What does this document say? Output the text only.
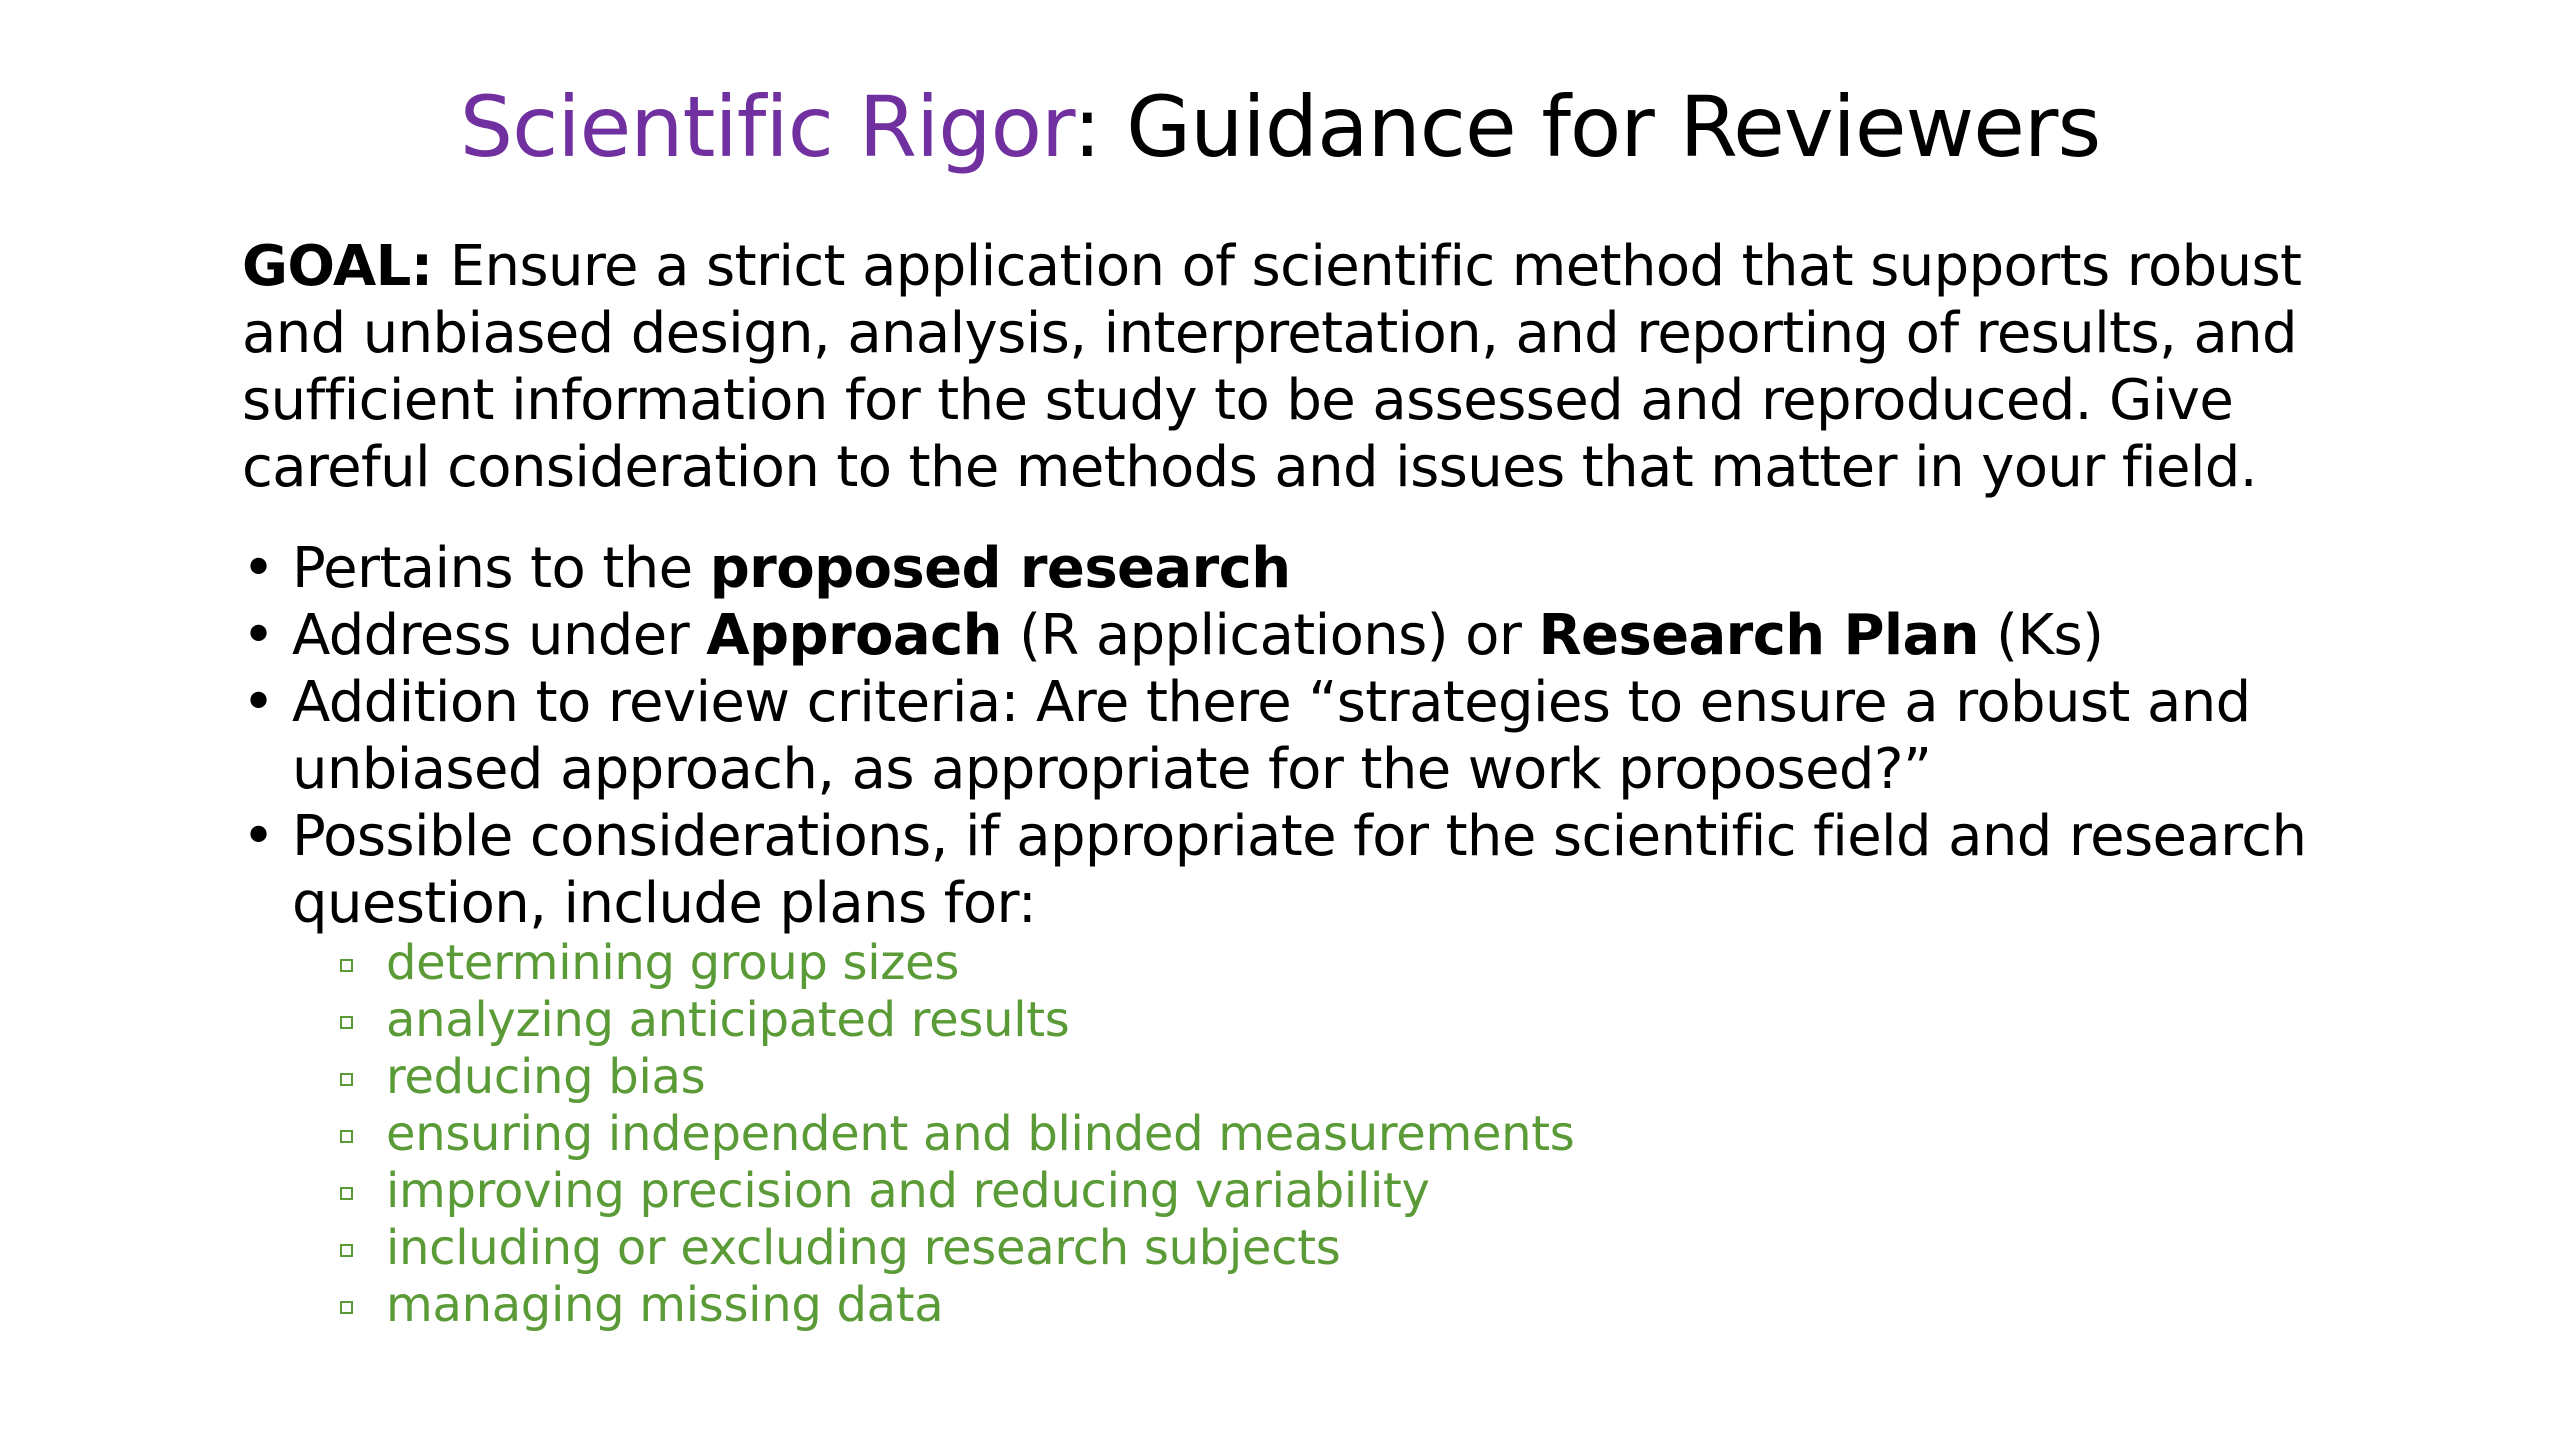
Scientific Rigor: Guidance for Reviewers
GOAL: Ensure a strict application of scientific method that supports robust and unbiased design, analysis, interpretation, and reporting of results, and sufficient information for the study to be assessed and reproduced. Give careful consideration to the methods and issues that matter in your field.
• Pertains to the proposed research
• Address under Approach (R applications) or Research Plan (Ks)
• Addition to review criteria: Are there “strategies to ensure a robust and unbiased approach, as appropriate for the work proposed?”
• Possible considerations, if appropriate for the scientific field and research question, include plans for:
determining group sizes
analyzing anticipated results
reducing bias
ensuring independent and blinded measurements
improving precision and reducing variability
including or excluding research subjects
managing missing data
